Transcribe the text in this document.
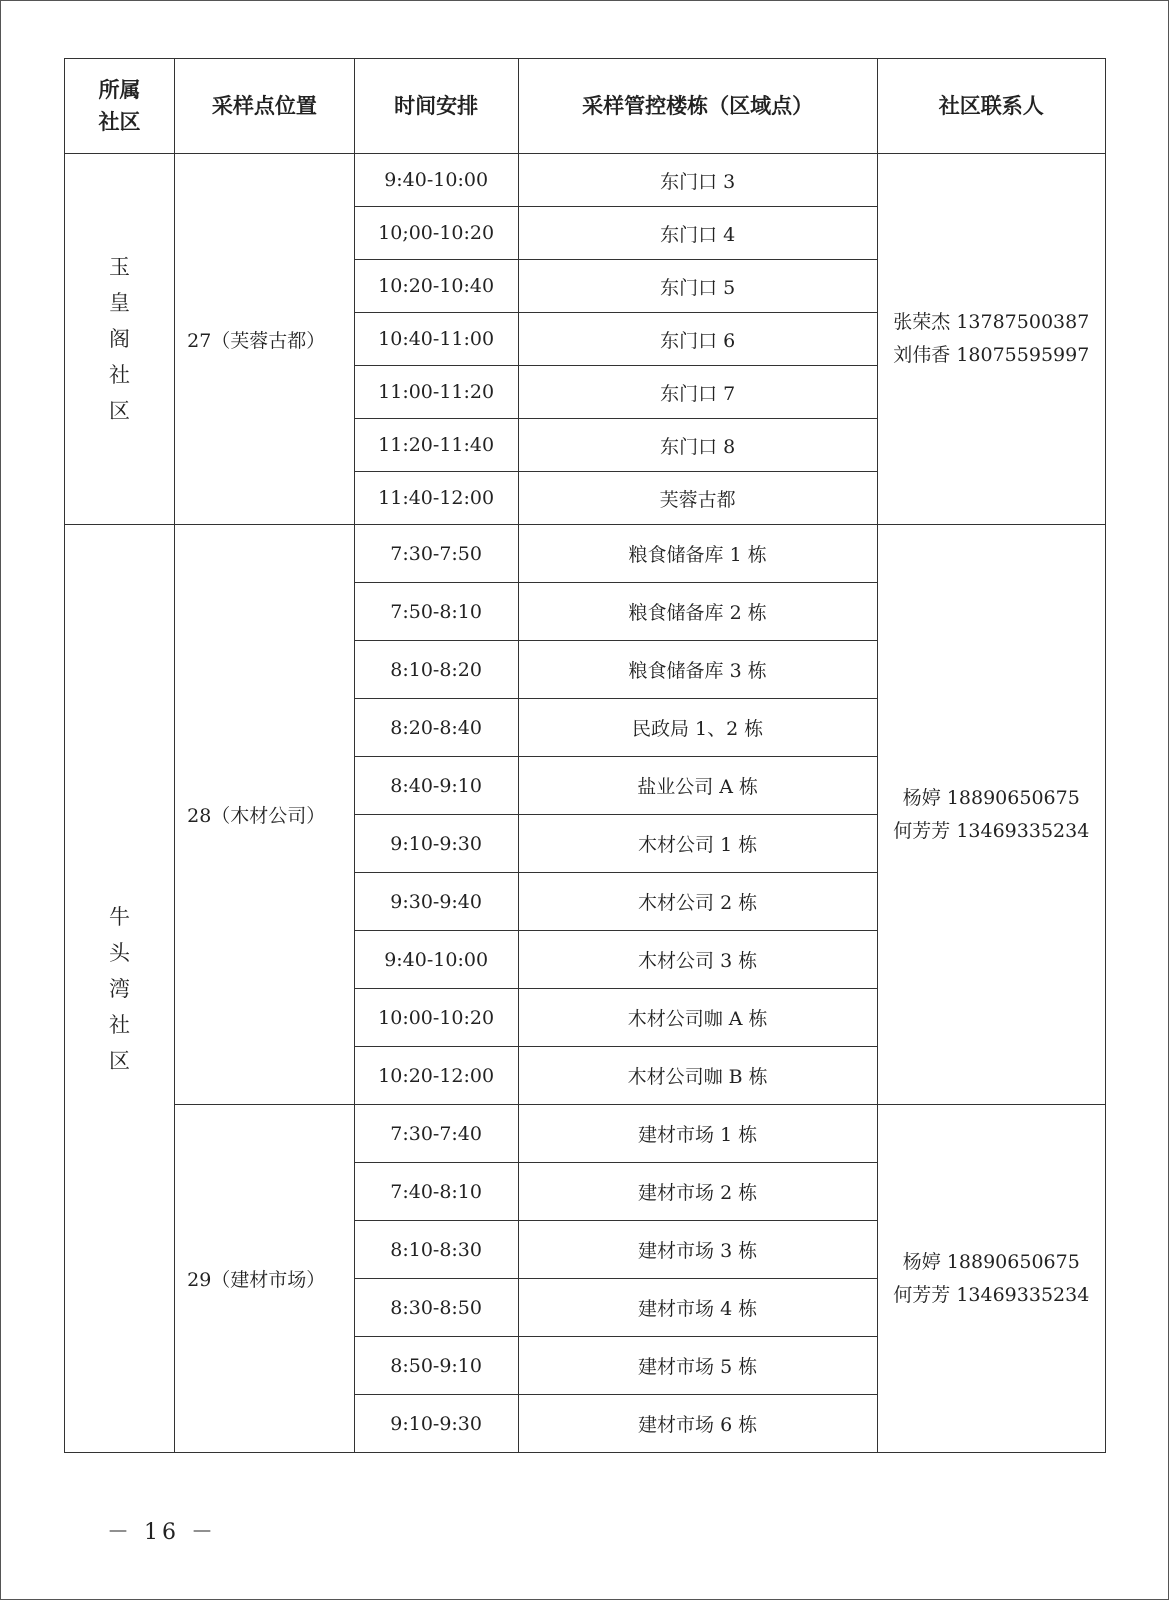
所属社区	采样点位置	时间安排	采样管控楼栋（区域点）	社区联系人

玉皇阁社区	27（芙蓉古都）	9:40-10:00	东门口 3	张荣杰 13787500387
刘伟香 18075595997

		10;00-10:20	东门口 4	
		10:20-10:40	东门口 5	
		10:40-11:00	东门口 6	
		11:00-11:20	东门口 7	
		11:20-11:40	东门口 8	
		11:40-12:00	芙蓉古都	

牛头湾社区	28（木材公司）	7:30-7:50	粮食储备库 1 栋	杨婷 18890650675
何芳芳 13469335234

		7:50-8:10	粮食储备库 2 栋	
		8:10-8:20	粮食储备库 3 栋	
		8:20-8:40	民政局 1、2 栋	
		8:40-9:10	盐业公司 A 栋	
		9:10-9:30	木材公司 1 栋	
		9:30-9:40	木材公司 2 栋	
		9:40-10:00	木材公司 3 栋	
		10:00-10:20	木材公司咖 A 栋	
		10:20-12:00	木材公司咖 B 栋	
	29（建材市场）	7:30-7:40	建材市场 1 栋	杨婷 18890650675
何芳芳 13469335234

		7:40-8:10	建材市场 2 栋	
		8:10-8:30	建材市场 3 栋	
		8:30-8:50	建材市场 4 栋	
		8:50-9:10	建材市场 5 栋	
		9:10-9:30	建材市场 6 栋	
－ 16 －
